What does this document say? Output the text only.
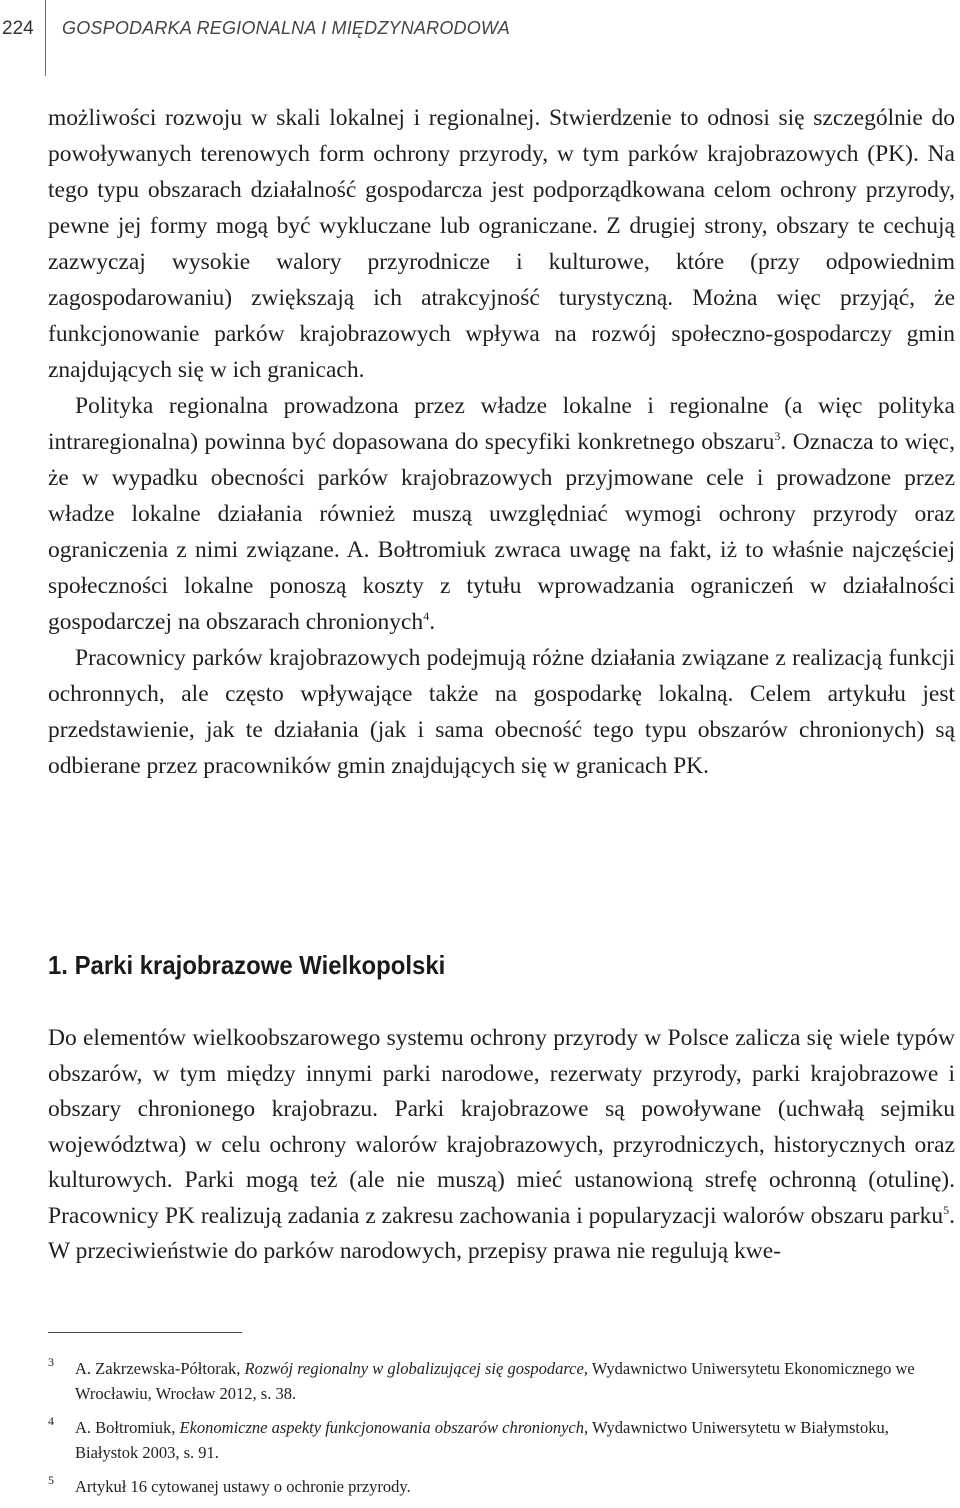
224	GOSPODARKA REGIONALNA I MIĘDZYNARODOWA

możliwości rozwoju w skali lokalnej i regionalnej. Stwierdzenie to odnosi się szczególnie do powoływanych terenowych form ochrony przyrody, w tym parków krajobrazowych (PK). Na tego typu obszarach działalność gospodarcza jest podporządkowana celom ochrony przyrody, pewne jej formy mogą być wykluczane lub ograniczane. Z drugiej strony, obszary te cechują zazwyczaj wysokie walory przyrodnicze i kulturowe, które (przy odpowiednim zagospodarowaniu) zwiększają ich atrakcyjność turystyczną. Można więc przyjąć, że funkcjonowanie parków krajobrazowych wpływa na rozwój społeczno-gospodarczy gmin znajdujących się w ich granicach.

Polityka regionalna prowadzona przez władze lokalne i regionalne (a więc polityka intraregionalna) powinna być dopasowana do specyfiki konkretnego obszaru$^3$. Oznacza to więc, że w wypadku obecności parków krajobrazowych przyjmowane cele i prowadzone przez władze lokalne działania również muszą uwzględniać wymogi ochrony przyrody oraz ograniczenia z nimi związane. A. Bołtromiuk zwraca uwagę na fakt, iż to właśnie najczęściej społeczności lokalne ponoszą koszty z tytułu wprowadzania ograniczeń w działalności gospodarczej na obszarach chronionych$^4$.

Pracownicy parków krajobrazowych podejmują różne działania związane z realizacją funkcji ochronnych, ale często wpływające także na gospodarkę lokalną. Celem artykułu jest przedstawienie, jak te działania (jak i sama obecność tego typu obszarów chronionych) są odbierane przez pracowników gmin znajdujących się w granicach PK.

1. Parki krajobrazowe Wielkopolski

Do elementów wielkoobszarowego systemu ochrony przyrody w Polsce zalicza się wiele typów obszarów, w tym między innymi parki narodowe, rezerwaty przyrody, parki krajobrazowe i obszary chronionego krajobrazu. Parki krajobrazowe są powoływane (uchwałą sejmiku województwa) w celu ochrony walorów krajobrazowych, przyrodniczych, historycznych oraz kulturowych. Parki mogą też (ale nie muszą) mieć ustanowioną strefę ochronną (otulinę). Pracownicy PK realizują zadania z zakresu zachowania i popularyzacji walorów obszaru parku$^5$. W przeciwieństwie do parków narodowych, przepisy prawa nie regulują kwe-

3 A. Zakrzewska-Półtorak, Rozwój regionalny w globalizującej się gospodarce, Wydawnictwo Uniwersytetu Ekonomicznego we Wrocławiu, Wrocław 2012, s. 38.
4 A. Bołtromiuk, Ekonomiczne aspekty funkcjonowania obszarów chronionych, Wydawnictwo Uniwersytetu w Białymstoku, Białystok 2003, s. 91.
5 Artykuł 16 cytowanej ustawy o ochronie przyrody.
